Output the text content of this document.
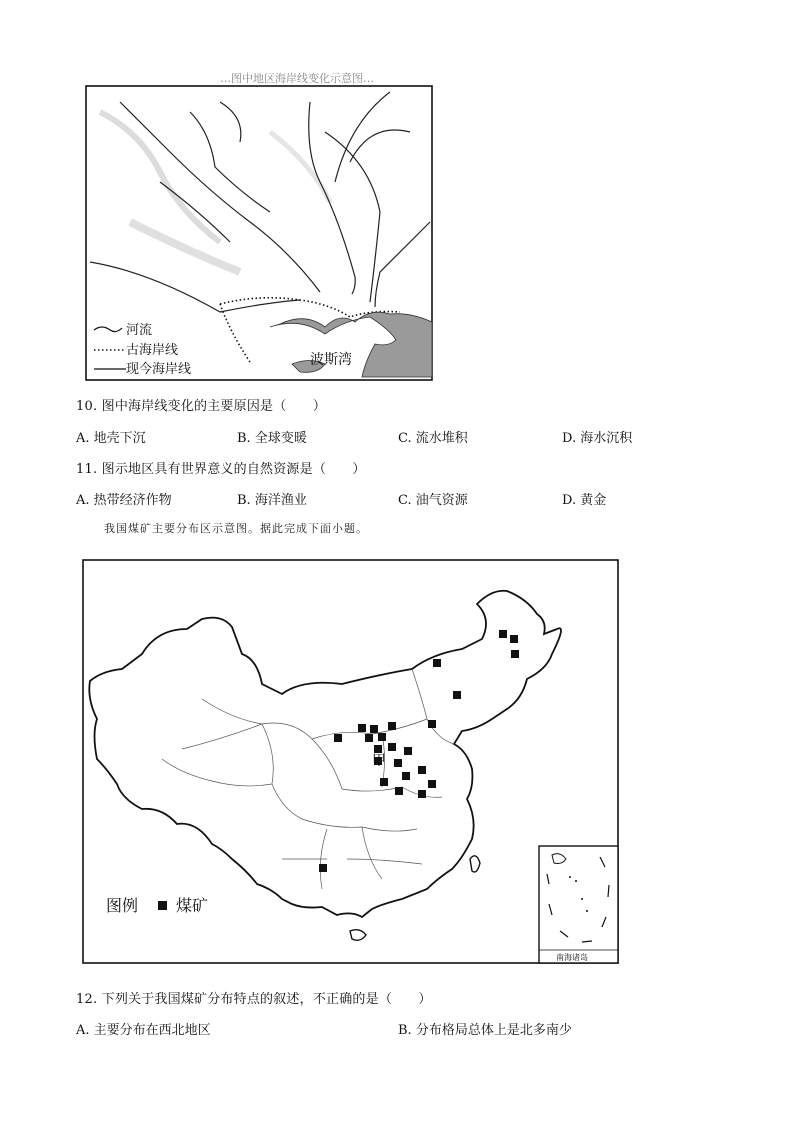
…图中地区海岸线变化示意图…
波斯湾
河流
古海岸线
现今海岸线
10. 图中海岸线变化的主要原因是（　　）
A. 地壳下沉	B. 全球变暖	C. 流水堆积	D. 海水沉积
11. 图示地区具有世界意义的自然资源是（　　）
A. 热带经济作物	B. 海洋渔业	C. 油气资源	D. 黄金
我国煤矿主要分布区示意图。据此完成下面小题。
甲
图例 煤矿
南海诸岛
12. 下列关于我国煤矿分布特点的叙述，不正确的是（　　）
A. 主要分布在西北地区	B. 分布格局总体上是北多南少
